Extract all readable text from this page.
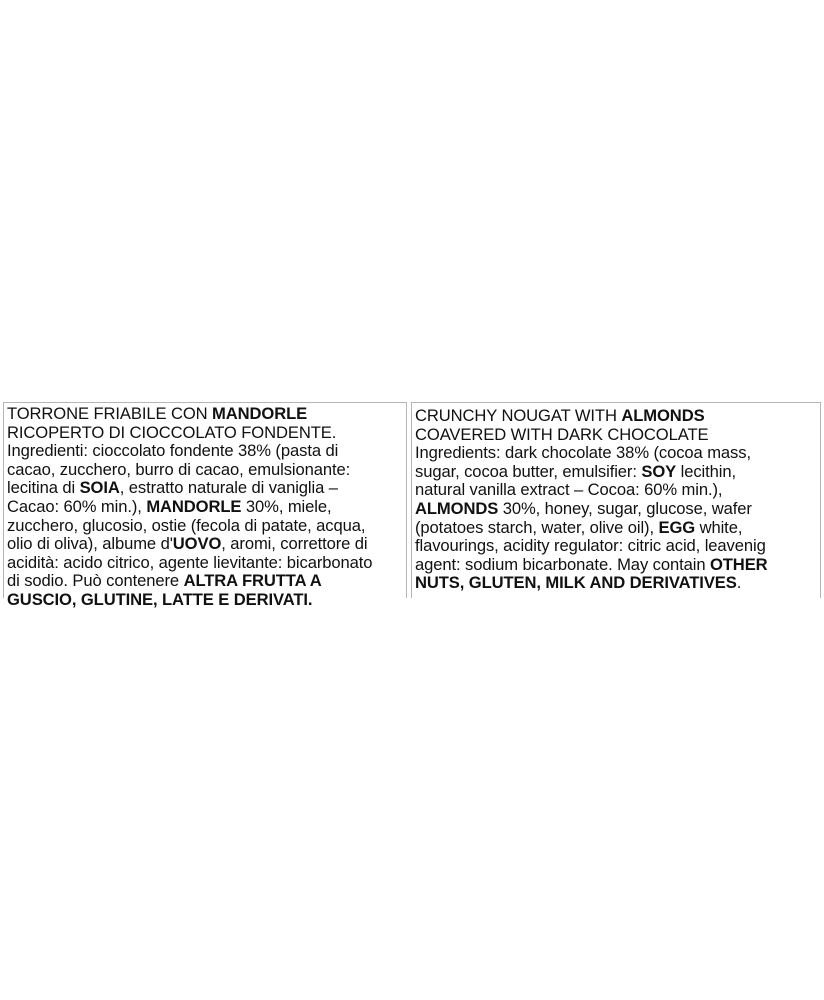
TORRONE FRIABILE CON MANDORLE
RICOPERTO DI CIOCCOLATO FONDENTE.
Ingredienti: cioccolato fondente 38% (pasta di
cacao, zucchero, burro di cacao, emulsionante:
lecitina di SOIA, estratto naturale di vaniglia –
Cacao: 60% min.), MANDORLE 30%, miele,
zucchero, glucosio, ostie (fecola di patate, acqua,
olio di oliva), albume d'UOVO, aromi, correttore di
acidità: acido citrico, agente lievitante: bicarbonato
di sodio. Può contenere ALTRA FRUTTA A
GUSCIO, GLUTINE, LATTE E DERIVATI.
CRUNCHY NOUGAT WITH ALMONDS
COAVERED WITH DARK CHOCOLATE
Ingredients: dark chocolate 38% (cocoa mass,
sugar, cocoa butter, emulsifier: SOY lecithin,
natural vanilla extract – Cocoa: 60% min.),
ALMONDS 30%, honey, sugar, glucose, wafer
(potatoes starch, water, olive oil), EGG white,
flavourings, acidity regulator: citric acid, leavenig
agent: sodium bicarbonate. May contain OTHER
NUTS, GLUTEN, MILK AND DERIVATIVES.
